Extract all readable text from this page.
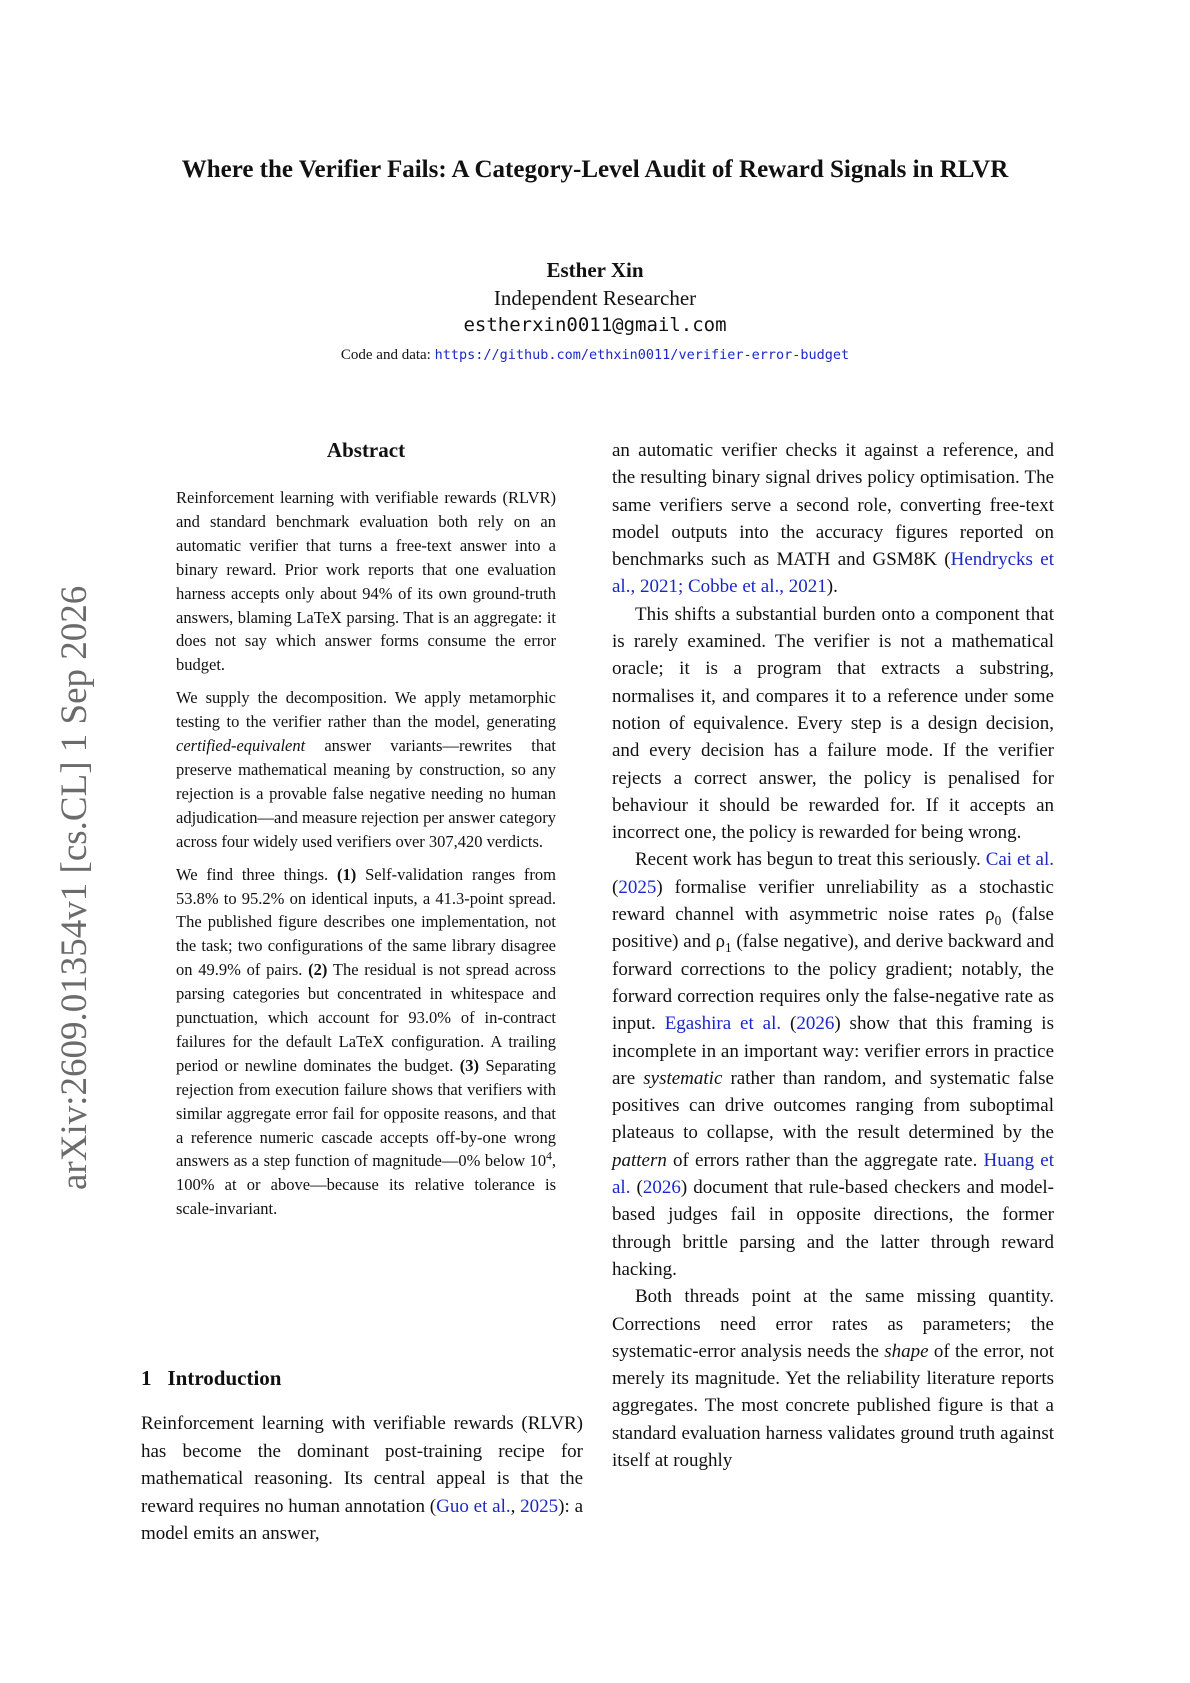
arXiv:2609.01354v1 [cs.CL] 1 Sep 2026
Where the Verifier Fails: A Category-Level Audit of Reward Signals in RLVR
Esther Xin
Independent Researcher
estherxin0011@gmail.com
Code and data: https://github.com/ethxin0011/verifier-error-budget
Abstract

Reinforcement learning with verifiable rewards (RLVR) and standard benchmark evaluation both rely on an automatic verifier that turns a free-text answer into a binary reward. Prior work reports that one evaluation harness accepts only about 94% of its own ground-truth answers, blaming LaTeX parsing. That is an aggregate: it does not say which answer forms consume the error budget.

We supply the decomposition. We apply metamorphic testing to the verifier rather than the model, generating certified-equivalent answer variants—rewrites that preserve mathematical meaning by construction, so any rejection is a provable false negative needing no human adjudication—and measure rejection per answer category across four widely used verifiers over 307,420 verdicts.

We find three things. (1) Self-validation ranges from 53.8% to 95.2% on identical inputs, a 41.3-point spread. The published figure describes one implementation, not the task; two configurations of the same library disagree on 49.9% of pairs. (2) The residual is not spread across parsing categories but concentrated in whitespace and punctuation, which account for 93.0% of in-contract failures for the default LaTeX configuration. A trailing period or newline dominates the budget. (3) Separating rejection from execution failure shows that verifiers with similar aggregate error fail for opposite reasons, and that a reference numeric cascade accepts off-by-one wrong answers as a step function of magnitude—0% below $10^4$, 100% at or above—because its relative tolerance is scale-invariant.

1 Introduction

Reinforcement learning with verifiable rewards (RLVR) has become the dominant post-training recipe for mathematical reasoning. Its central appeal is that the reward requires no human annotation (Guo et al., 2025): a model emits an answer,

an automatic verifier checks it against a reference, and the resulting binary signal drives policy optimisation. The same verifiers serve a second role, converting free-text model outputs into the accuracy figures reported on benchmarks such as MATH and GSM8K (Hendrycks et al., 2021; Cobbe et al., 2021).

This shifts a substantial burden onto a component that is rarely examined. The verifier is not a mathematical oracle; it is a program that extracts a substring, normalises it, and compares it to a reference under some notion of equivalence. Every step is a design decision, and every decision has a failure mode. If the verifier rejects a correct answer, the policy is penalised for behaviour it should be rewarded for. If it accepts an incorrect one, the policy is rewarded for being wrong.

Recent work has begun to treat this seriously. Cai et al. (2025) formalise verifier unreliability as a stochastic reward channel with asymmetric noise rates $\rho_0$ (false positive) and $\rho_1$ (false negative), and derive backward and forward corrections to the policy gradient; notably, the forward correction requires only the false-negative rate as input. Egashira et al. (2026) show that this framing is incomplete in an important way: verifier errors in practice are systematic rather than random, and systematic false positives can drive outcomes ranging from suboptimal plateaus to collapse, with the result determined by the pattern of errors rather than the aggregate rate. Huang et al. (2026) document that rule-based checkers and model-based judges fail in opposite directions, the former through brittle parsing and the latter through reward hacking.

Both threads point at the same missing quantity. Corrections need error rates as parameters; the systematic-error analysis needs the shape of the error, not merely its magnitude. Yet the reliability literature reports aggregates. The most concrete published figure is that a standard evaluation harness validates ground truth against itself at roughly
